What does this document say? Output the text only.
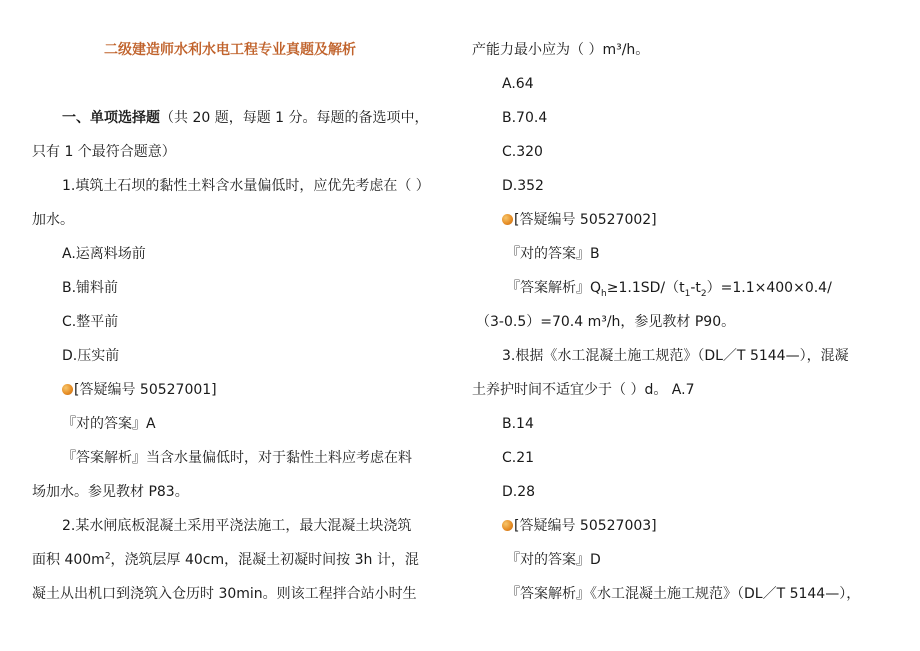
二级建造师水利水电工程专业真题及解析
一、单项选择题（共 20 题，每题 1 分。每题的备选项中，
只有 1 个最符合题意）
1.填筑土石坝的黏性土料含水量偏低时，应优先考虑在（ ）
加水。
A.运离料场前
B.铺料前
C.整平前
D.压实前
[答疑编号 50527001]
『对的答案』A
『答案解析』当含水量偏低时，对于黏性土料应考虑在料
场加水。参见教材 P83。
2.某水闸底板混凝土采用平浇法施工，最大混凝土块浇筑
面积 $400m^2$，浇筑层厚 40cm，混凝土初凝时间按 3h 计，混
凝土从出机口到浇筑入仓历时 30min。则该工程拌合站小时生
产能力最小应为（ ）m³/h。
A.64
B.70.4
C.320
D.352
[答疑编号 50527002]
『对的答案』B
『答案解析』$Q_h\ge 1.1SD/(t_1-t_2)=1.1\times 400\times 0.4/$
（3-0.5）=70.4 m³/h，参见教材 P90。
3.根据《水工混凝土施工规范》（DL／T 5144—），混凝
土养护时间不适宜少于（ ）d。 A.7
B.14
C.21
D.28
[答疑编号 50527003]
『对的答案』D
『答案解析』《水工混凝土施工规范》（DL／T 5144—），
